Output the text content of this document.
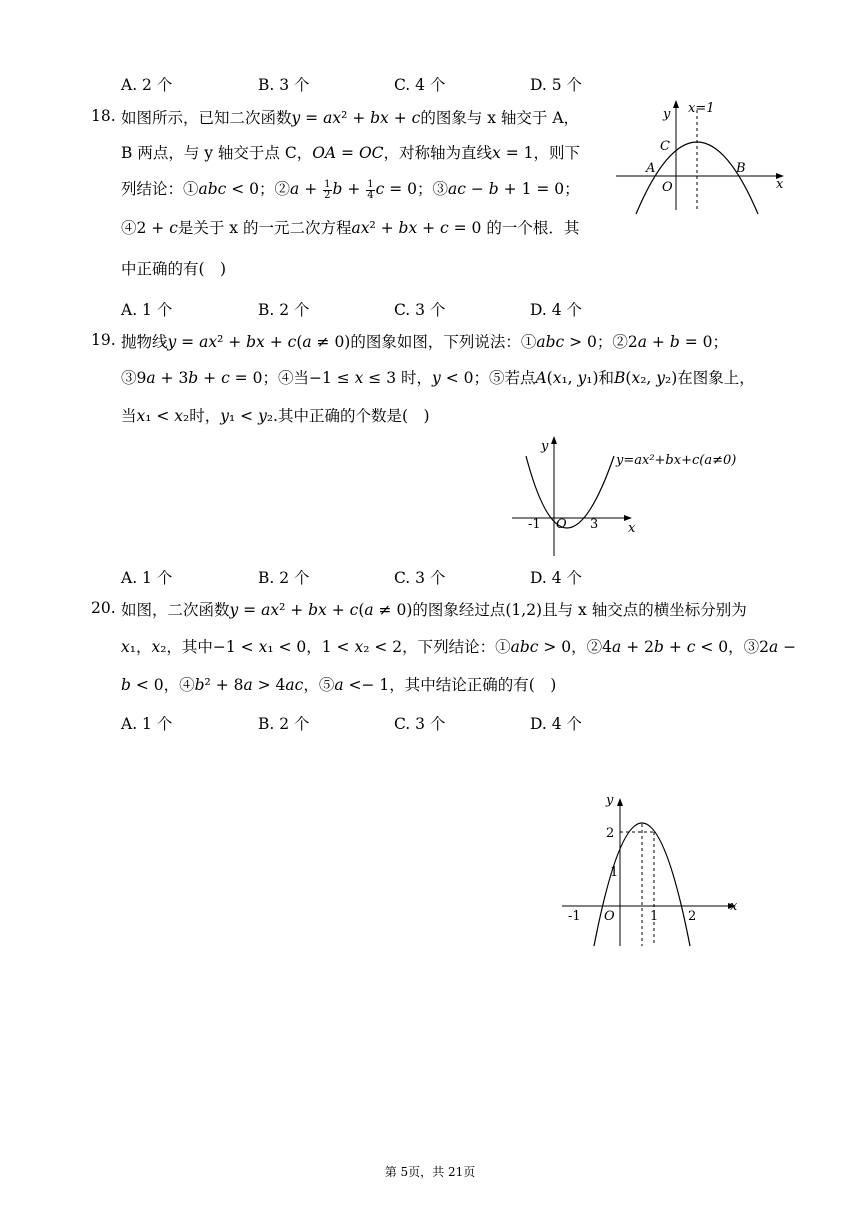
A. 2 个	B. 3 个	C. 4 个	D. 5 个
18. 如图所示，已知二次函数𝑦 = 𝑎𝑥² + 𝑏𝑥 + 𝑐的图象与 x 轴交于 A，
B 两点，与 y 轴交于点 C，𝑂𝐴 = 𝑂𝐶，对称轴为直线𝑥 = 1，则下
列结论：①𝑎𝑏𝑐 < 0；②𝑎 + $\frac{1}{2}$ 𝑏 + $\frac{1}{4}$ 𝑐 = 0；③𝑎𝑐 − 𝑏 + 1 = 0；
④2 + 𝑐是关于 x 的一元二次方程𝑎𝑥² + 𝑏𝑥 + 𝑐 = 0 的一个根．其
中正确的有(　)
x=1
y
x
C
A	B
O
A. 1 个	B. 2 个	C. 3 个	D. 4 个
19. 抛物线𝑦 = 𝑎𝑥² + 𝑏𝑥 + 𝑐(𝑎 ≠ 0)的图象如图，下列说法：①𝑎𝑏𝑐 > 0；②2𝑎 + 𝑏 = 0；
③9𝑎 + 3𝑏 + 𝑐 = 0；④当−1 ≤ 𝑥 ≤ 3 时，𝑦 < 0；⑤若点𝐴(𝑥₁, 𝑦₁)和𝐵(𝑥₂, 𝑦₂)在图象上，
当𝑥₁ < 𝑥₂时，𝑦₁ < 𝑦₂.其中正确的个数是(　)
y
x
-1 O 3
y=ax²+bx+c(a≠0)
A. 1 个	B. 2 个	C. 3 个	D. 4 个
20. 如图，二次函数𝑦 = 𝑎𝑥² + 𝑏𝑥 + 𝑐(𝑎 ≠ 0)的图象经过点(1,2)且与 x 轴交点的横坐标分别为
𝑥₁，𝑥₂，其中−1 < 𝑥₁ < 0，1 < 𝑥₂ < 2，下列结论：①𝑎𝑏𝑐 > 0，②4𝑎 + 2𝑏 + 𝑐 < 0，③2𝑎 −
𝑏 < 0，④𝑏² + 8𝑎 > 4𝑎𝑐，⑤𝑎 <− 1，其中结论正确的有(　)
A. 1 个	B. 2 个	C. 3 个	D. 4 个
y
x
2
1
-1 O	1 2
第 5页，共 21页
